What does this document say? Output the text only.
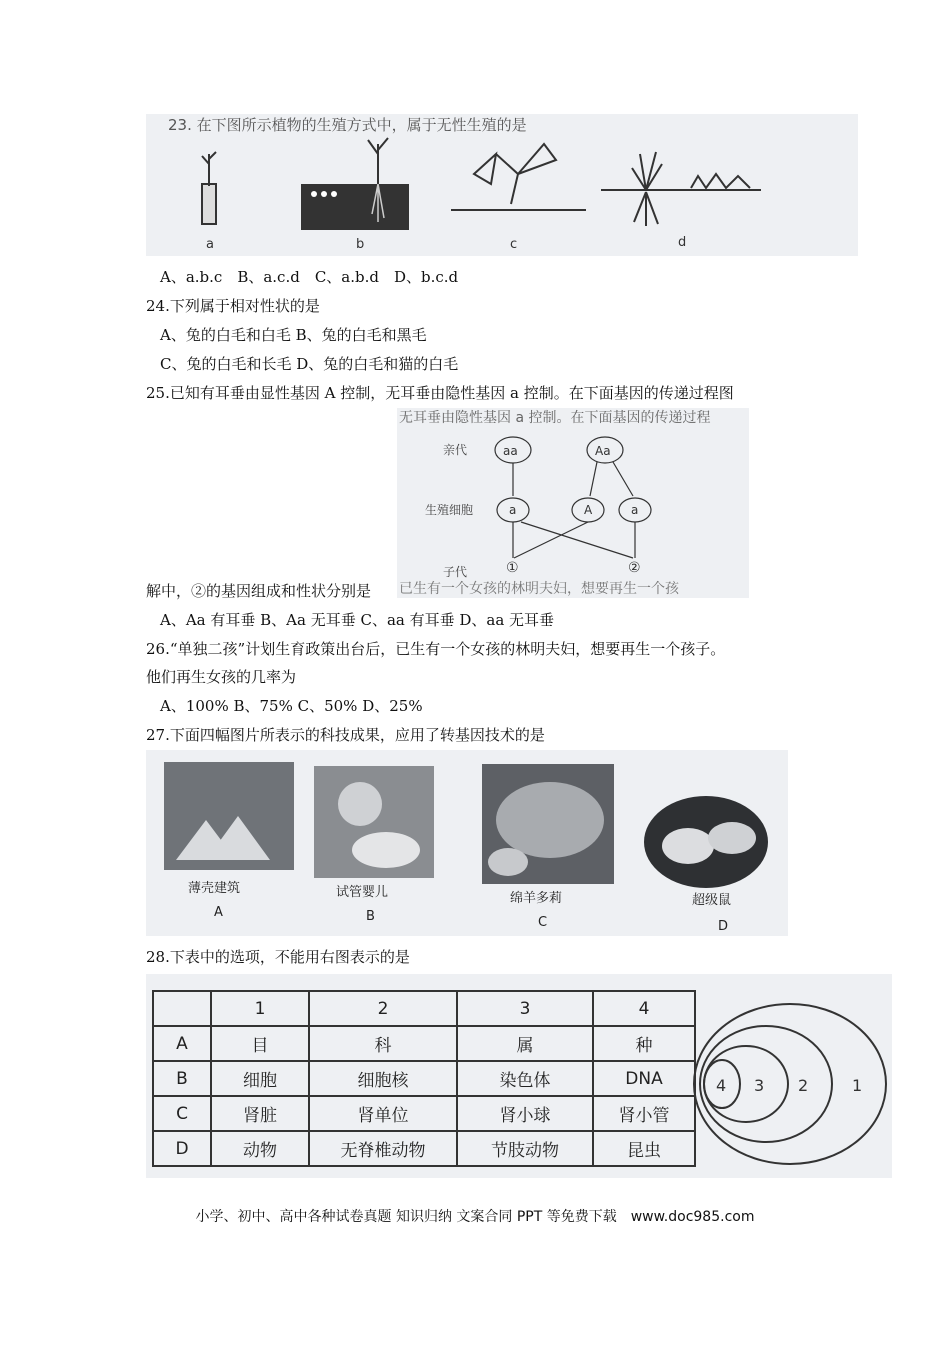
23. 在下图所示植物的生殖方式中，属于无性生殖的是
a	b	c	d
A、a.b.c　B、a.c.d　C、a.b.d　D、b.c.d
24.下列属于相对性状的是
A、兔的白毛和白毛 B、兔的白毛和黑毛
C、兔的白毛和长毛 D、兔的白毛和猫的白毛
25.已知有耳垂由显性基因 A 控制，无耳垂由隐性基因 a 控制。在下面基因的传递过程图
无耳垂由隐性基因 a 控制。在下面基因的传递过程
亲代
生殖细胞
子代
aa	Aa
a	A	a
①	②
已生有一个女孩的林明夫妇，想要再生一个孩
解中，②的基因组成和性状分别是
A、Aa 有耳垂 B、Aa 无耳垂 C、aa 有耳垂 D、aa 无耳垂
26.“单独二孩”计划生育政策出台后，已生有一个女孩的林明夫妇，想要再生一个孩子。
他们再生女孩的几率为
A、100% B、75% C、50% D、25%
27.下面四幅图片所表示的科技成果，应用了转基因技术的是
薄壳建筑
A
试管婴儿
B
绵羊多莉
C
超级鼠
D
28.下表中的选项，不能用右图表示的是
	1	2	3	4
A	目	科	属	种
B	细胞	细胞核	染色体	DNA
C	肾脏	肾单位	肾小球	肾小管
D	动物	无脊椎动物	节肢动物	昆虫
4 3 2	1
小学、初中、高中各种试卷真题 知识归纳 文案合同 PPT 等免费下载　www.doc985.com
